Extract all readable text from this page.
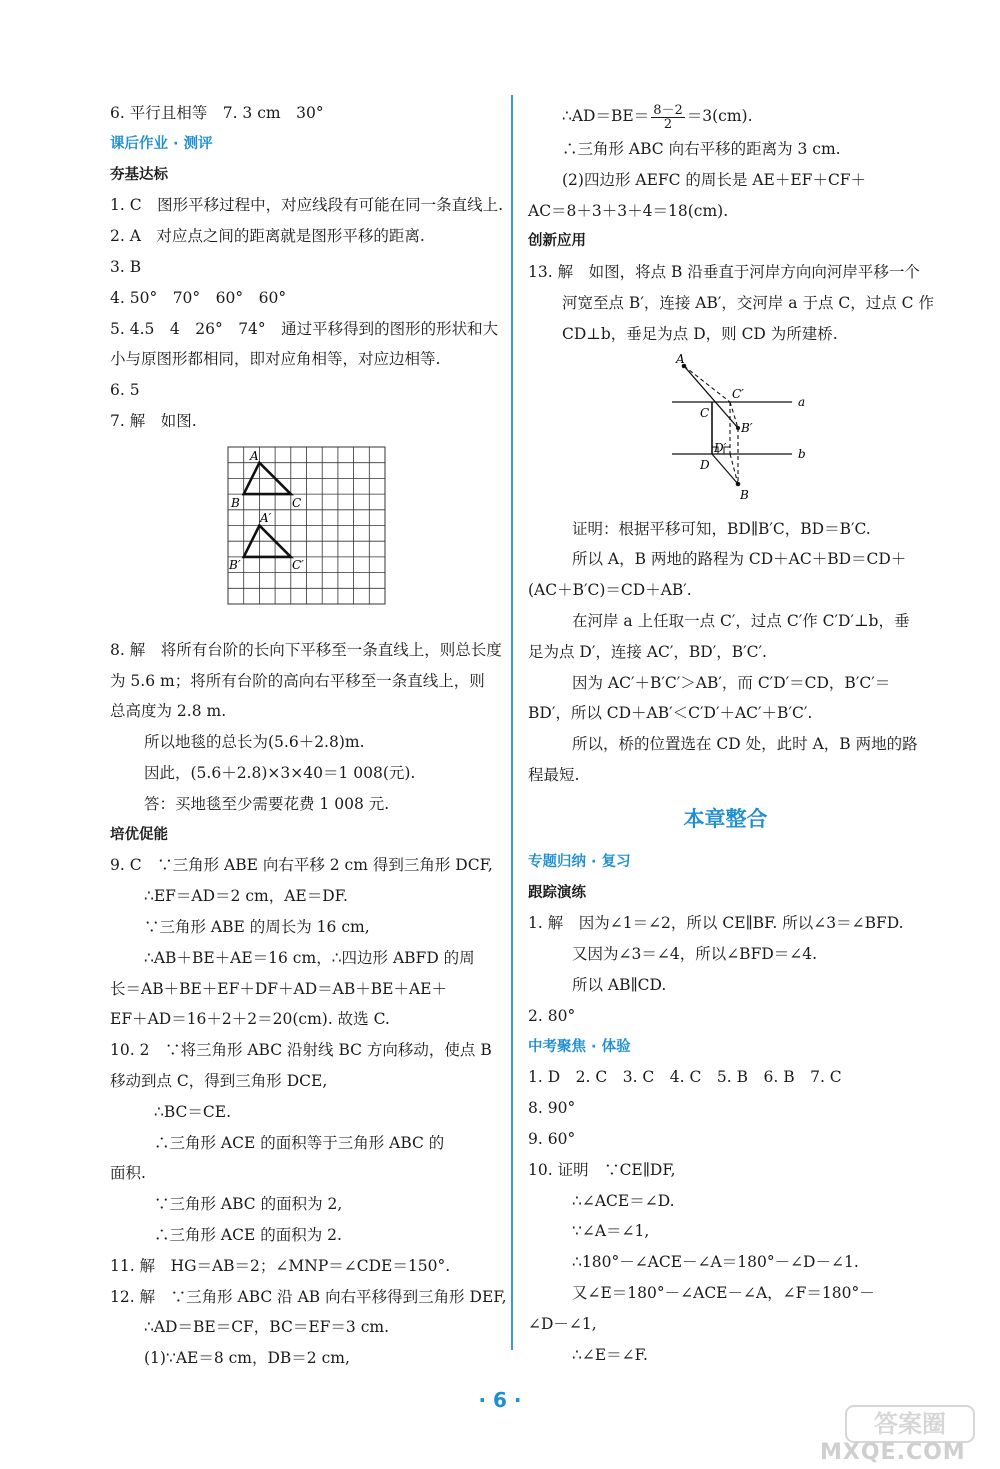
6. 平行且相等　7. 3 cm　30°
课后作业 · 测评
夯基达标
1. C　图形平移过程中，对应线段有可能在同一条直线上.
2. A　对应点之间的距离就是图形平移的距离.
3. B
4. 50°　70°　60°　60°
5. 4.5　4　26°　74°　通过平移得到的图形的形状和大
小与原图形都相同，即对应角相等，对应边相等.
6. 5
7. 解　如图.
A
B	C
A′
B′	C′
8. 解　将所有台阶的长向下平移至一条直线上，则总长度
为 5.6 m；将所有台阶的高向右平移至一条直线上，则
总高度为 2.8 m.
所以地毯的总长为(5.6＋2.8)m.
因此，(5.6＋2.8)×3×40＝1 008(元).
答：买地毯至少需要花费 1 008 元.
培优促能
9. C　∵三角形 ABE 向右平移 2 cm 得到三角形 DCF,
∴EF＝AD＝2 cm，AE＝DF.
∵三角形 ABE 的周长为 16 cm,
∴AB＋BE＋AE＝16 cm，∴四边形 ABFD 的周
长＝AB＋BE＋EF＋DF＋AD＝AB＋BE＋AE＋
EF＋AD＝16＋2＋2＝20(cm). 故选 C.
10. 2　∵将三角形 ABC 沿射线 BC 方向移动，使点 B
移动到点 C，得到三角形 DCE,
∴BC＝CE.
∴三角形 ACE 的面积等于三角形 ABC 的
面积.
∵三角形 ABC 的面积为 2,
∴三角形 ACE 的面积为 2.
11. 解　HG＝AB＝2；∠MNP＝∠CDE＝150°.
12. 解　∵三角形 ABC 沿 AB 向右平移得到三角形 DEF,
∴AD＝BE＝CF，BC＝EF＝3 cm.
(1)∵AE＝8 cm，DB＝2 cm,
∴AD＝BE＝ $\frac{8-2}{2} =3(cm)$.
∴三角形 ABC 向右平移的距离为 3 cm.
(2)四边形 AEFC 的周长是 AE＋EF＋CF＋
AC＝8＋3＋3＋4＝18(cm).
创新应用
13. 解　如图，将点 B 沿垂直于河岸方向向河岸平移一个
河宽至点 B′，连接 AB′，交河岸 a 于点 C，过点 C 作
CD⊥b，垂足为点 D，则 CD 为所建桥.
A
C
C′
B′
D′
D
B
a
b
证明：根据平移可知，BD∥B′C，BD＝B′C.
所以 A，B 两地的路程为 CD＋AC＋BD＝CD＋
(AC＋B′C)＝CD＋AB′.
在河岸 a 上任取一点 C′，过点 C′作 C′D′⊥b，垂
足为点 D′，连接 AC′，BD′，B′C′.
因为 AC′＋B′C′＞AB′，而 C′D′＝CD，B′C′＝
BD′，所以 CD＋AB′＜C′D′＋AC′＋B′C′.
所以，桥的位置选在 CD 处，此时 A，B 两地的路
程最短.
本章整合
专题归纳 · 复习
跟踪演练
1. 解　因为∠1＝∠2，所以 CE∥BF. 所以∠3＝∠BFD.
又因为∠3＝∠4，所以∠BFD＝∠4.
所以 AB∥CD.
2. 80°
中考聚焦 · 体验
1. D　2. C　3. C　4. C　5. B　6. B　7. C
8. 90°
9. 60°
10. 证明　∵CE∥DF,
∴∠ACE＝∠D.
∵∠A＝∠1,
∴180°－∠ACE－∠A＝180°－∠D－∠1.
又∠E＝180°－∠ACE－∠A，∠F＝180°－
∠D－∠1,
∴∠E＝∠F.
· 6 ·
答案圈
MXQE.COM
